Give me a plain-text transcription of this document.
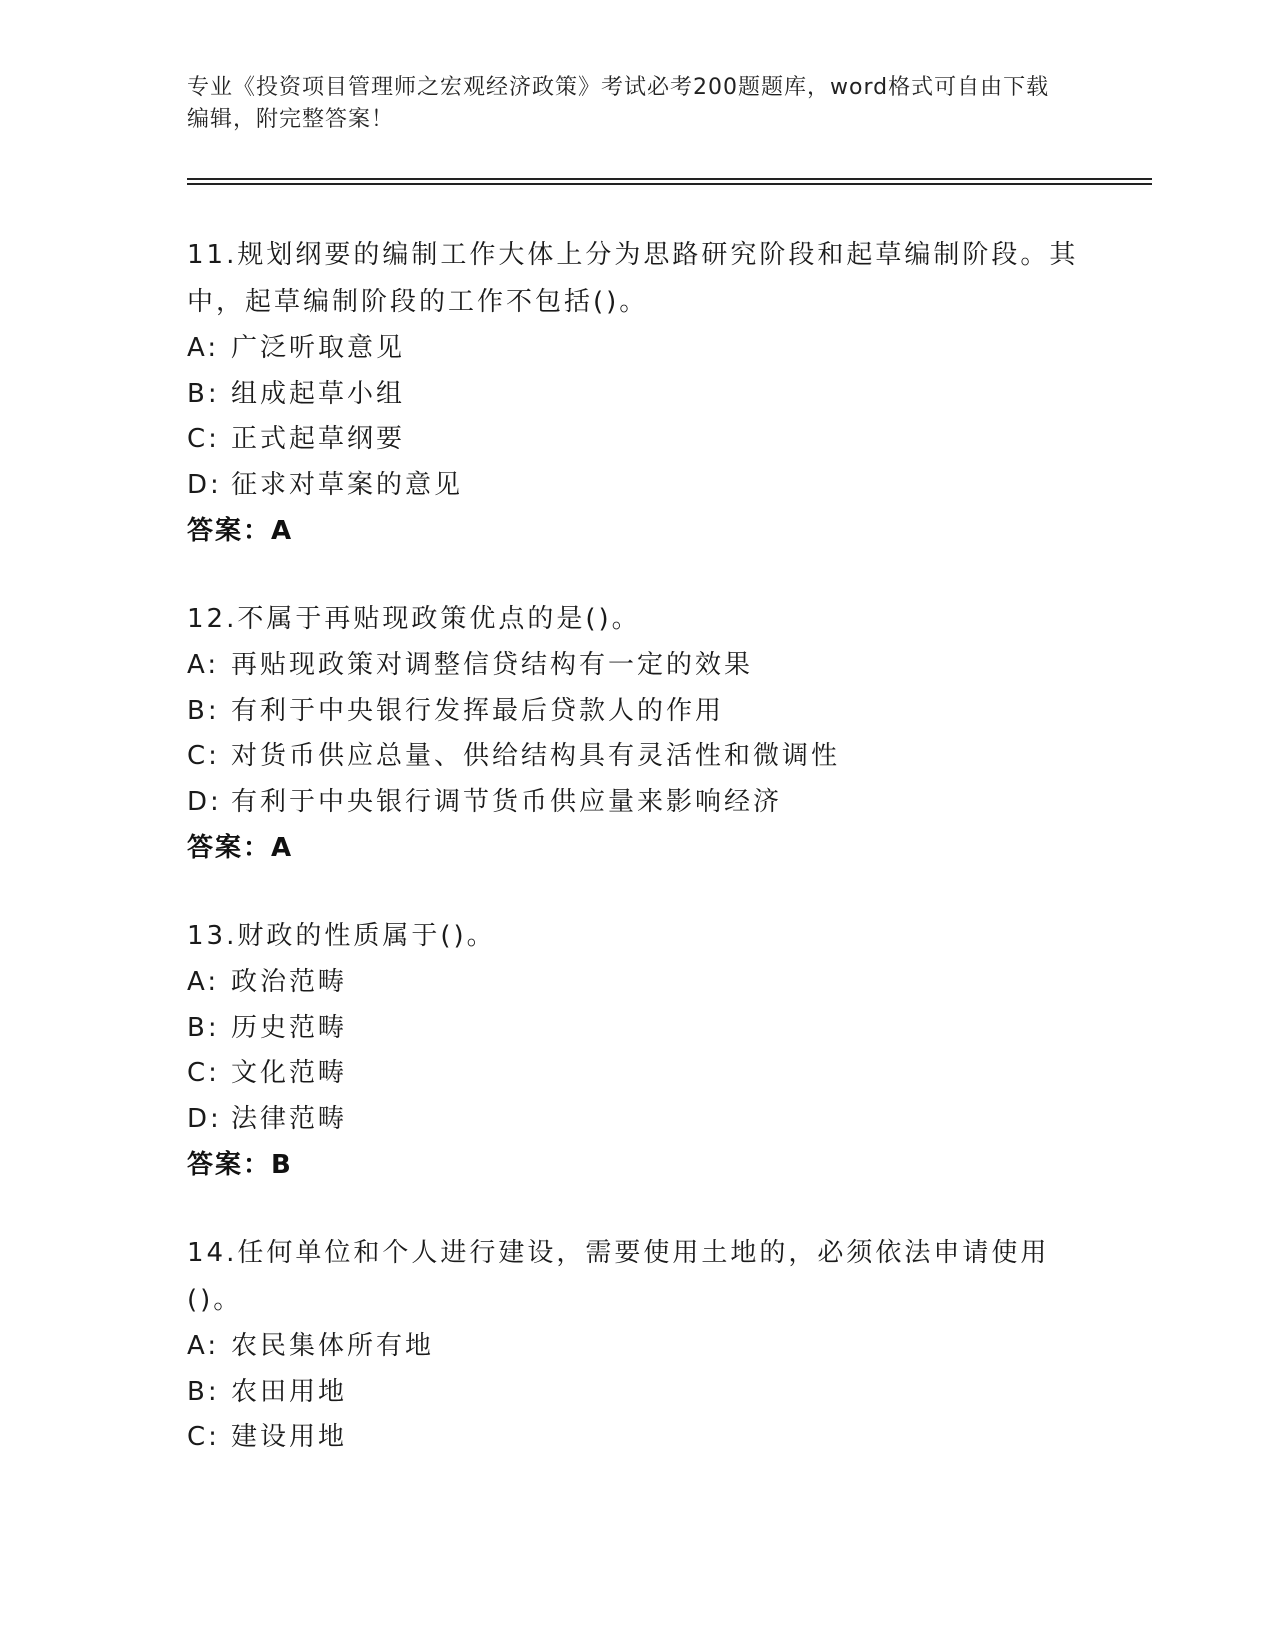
专业《投资项目管理师之宏观经济政策》考试必考200题题库，word格式可自由下载编辑，附完整答案！
11.规划纲要的编制工作大体上分为思路研究阶段和起草编制阶段。其中，起草编制阶段的工作不包括()。
A: 广泛听取意见
B: 组成起草小组
C: 正式起草纲要
D: 征求对草案的意见
答案：A
12.不属于再贴现政策优点的是()。
A: 再贴现政策对调整信贷结构有一定的效果
B: 有利于中央银行发挥最后贷款人的作用
C: 对货币供应总量、供给结构具有灵活性和微调性
D: 有利于中央银行调节货币供应量来影响经济
答案：A
13.财政的性质属于()。
A: 政治范畴
B: 历史范畴
C: 文化范畴
D: 法律范畴
答案：B
14.任何单位和个人进行建设，需要使用土地的，必须依法申请使用()。
A: 农民集体所有地
B: 农田用地
C: 建设用地
